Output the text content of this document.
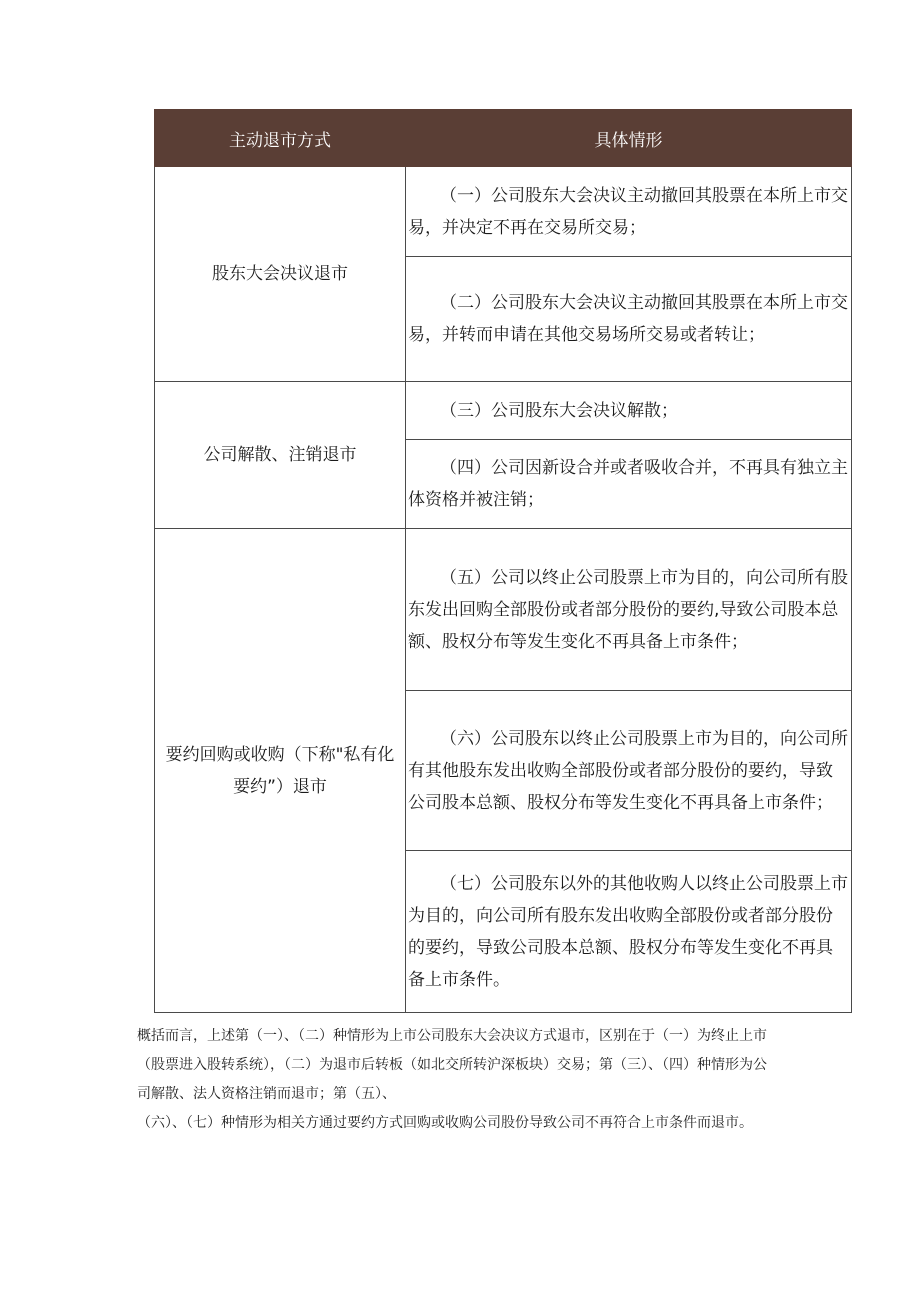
主动退市方式	具体情形
股东大会决议退市	（一）公司股东大会决议主动撤回其股票在本所上市交易，并决定不再在交易所交易；
	（二）公司股东大会决议主动撤回其股票在本所上市交易，并转而申请在其他交易场所交易或者转让；
公司解散、注销退市	（三）公司股东大会决议解散；
	（四）公司因新设合并或者吸收合并，不再具有独立主体资格并被注销；
要约回购或收购（下称"私有化要约”）退市	（五）公司以终止公司股票上市为目的，向公司所有股东发出回购全部股份或者部分股份的要约,导致公司股本总额、股权分布等发生变化不再具备上市条件；
	（六）公司股东以终止公司股票上市为目的，向公司所有其他股东发出收购全部股份或者部分股份的要约，导致公司股本总额、股权分布等发生变化不再具备上市条件；
	（七）公司股东以外的其他收购人以终止公司股票上市为目的，向公司所有股东发出收购全部股份或者部分股份的要约，导致公司股本总额、股权分布等发生变化不再具备上市条件。

概括而言，上述第（一）、（二）种情形为上市公司股东大会决议方式退市，区别在于（一）为终止上市

（股票进入股转系统），（二）为退市后转板（如北交所转沪深板块）交易；第（三）、（四）种情形为公

司解散、法人资格注销而退市；第（五）、

（六）、（七）种情形为相关方通过要约方式回购或收购公司股份导致公司不再符合上市条件而退市。
